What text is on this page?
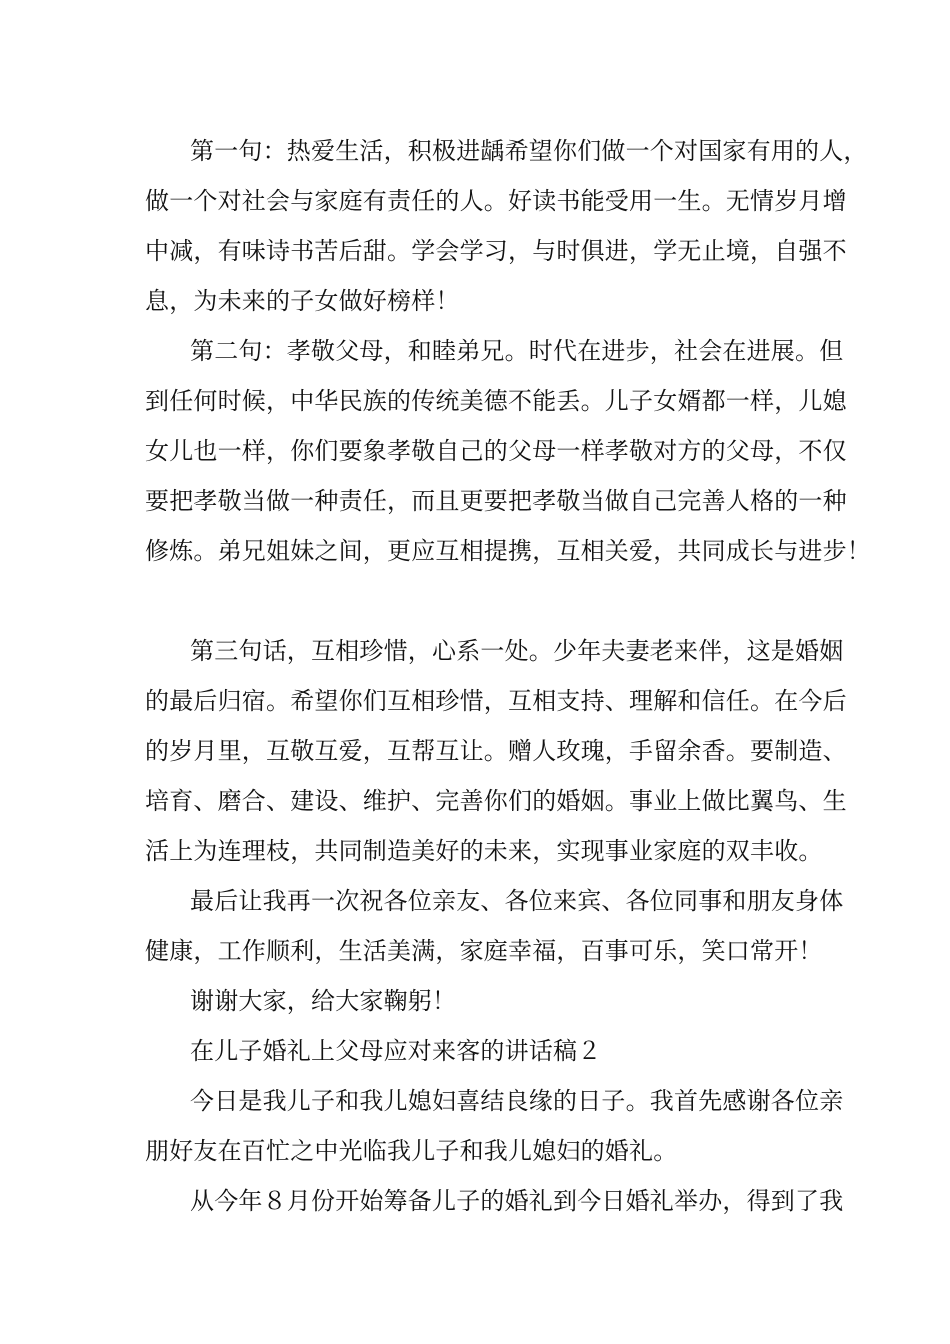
第一句：热爱生活，积极进龋希望你们做一个对国家有用的人，
做一个对社会与家庭有责任的人。好读书能受用一生。无情岁月增
中减，有味诗书苦后甜。学会学习，与时俱进，学无止境，自强不
息，为未来的子女做好榜样！
第二句：孝敬父母，和睦弟兄。时代在进步，社会在进展。但
到任何时候，中华民族的传统美德不能丢。儿子女婿都一样，儿媳
女儿也一样，你们要象孝敬自己的父母一样孝敬对方的父母，不仅
要把孝敬当做一种责任，而且更要把孝敬当做自己完善人格的一种
修炼。弟兄姐妹之间，更应互相提携，互相关爱，共同成长与进步！
第三句话，互相珍惜，心系一处。少年夫妻老来伴，这是婚姻
的最后归宿。希望你们互相珍惜，互相支持、理解和信任。在今后
的岁月里，互敬互爱，互帮互让。赠人玫瑰，手留余香。要制造、
培育、磨合、建设、维护、完善你们的婚姻。事业上做比翼鸟、生
活上为连理枝，共同制造美好的未来，实现事业家庭的双丰收。
最后让我再一次祝各位亲友、各位来宾、各位同事和朋友身体
健康，工作顺利，生活美满，家庭幸福，百事可乐，笑口常开！
谢谢大家，给大家鞠躬！
在儿子婚礼上父母应对来客的讲话稿２
今日是我儿子和我儿媳妇喜结良缘的日子。我首先感谢各位亲
朋好友在百忙之中光临我儿子和我儿媳妇的婚礼。
从今年８月份开始筹备儿子的婚礼到今日婚礼举办，得到了我
